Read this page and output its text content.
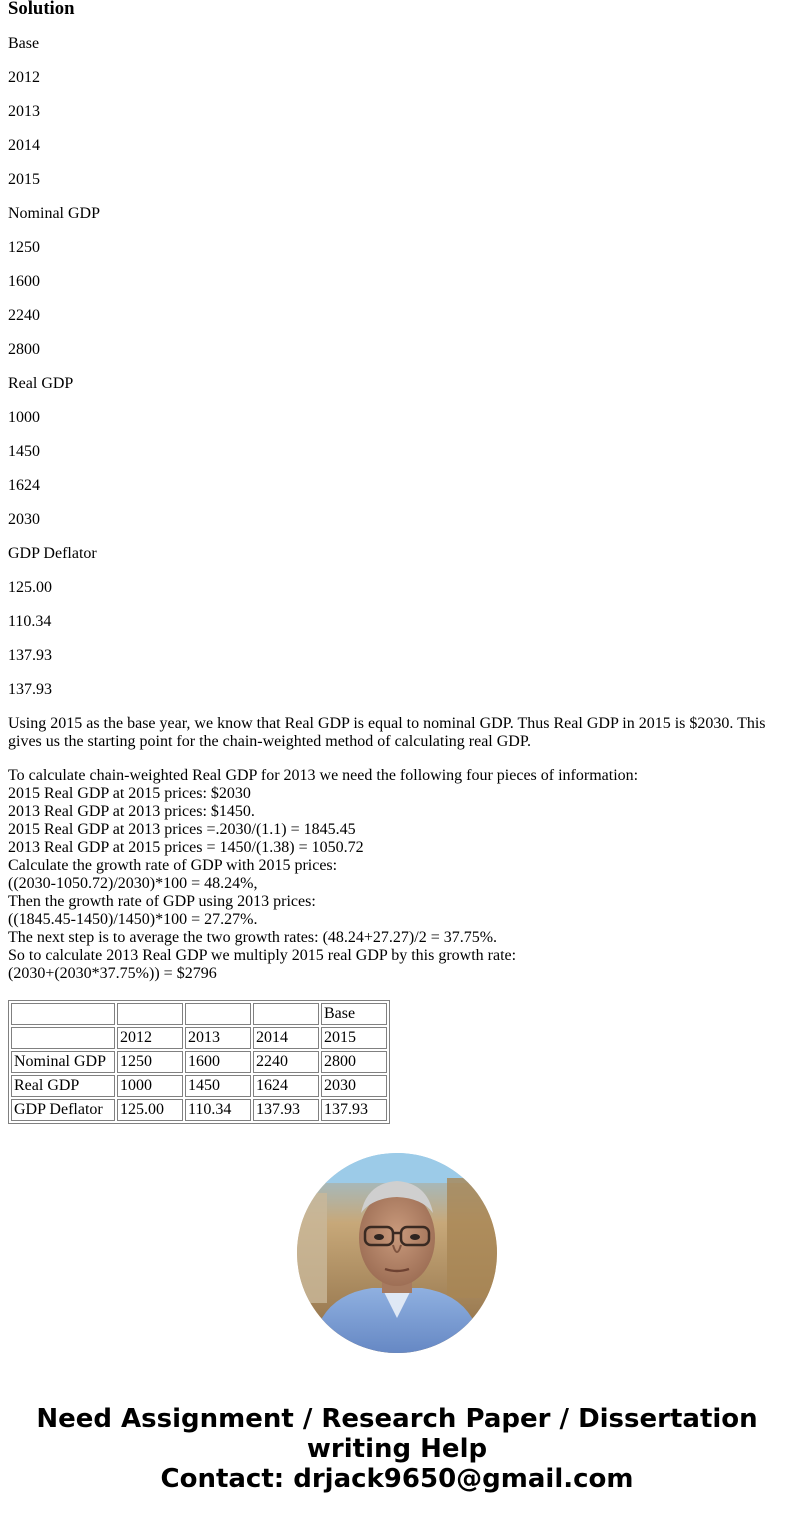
Solution

Base

2012

2013

2014

2015

Nominal GDP

1250

1600

2240

2800

Real GDP

1000

1450

1624

2030

GDP Deflator

125.00

110.34

137.93

137.93

Using 2015 as the base year, we know that Real GDP is equal to nominal GDP. Thus Real GDP in 2015 is $2030. This gives us the starting point for the chain-weighted method of calculating real GDP.

To calculate chain-weighted Real GDP for 2013 we need the following four pieces of information:
2015 Real GDP at 2015 prices: $2030
2013 Real GDP at 2013 prices: $1450.
2015 Real GDP at 2013 prices =.2030/(1.1) = 1845.45
2013 Real GDP at 2015 prices = 1450/(1.38) = 1050.72
Calculate the growth rate of GDP with 2015 prices:
((2030-1050.72)/2030)*100 = 48.24%,
Then the growth rate of GDP using 2013 prices:
((1845.45-1450)/1450)*100 = 27.27%.
The next step is to average the two growth rates: (48.24+27.27)/2 = 37.75%.
So to calculate 2013 Real GDP we multiply 2015 real GDP by this growth rate:
(2030+(2030*37.75%)) = $2796
				Base
	2012	2013	2014	2015
Nominal GDP	1250	1600	2240	2800
Real GDP	1000	1450	1624	2030
GDP Deflator	125.00	110.34	137.93	137.93
Need Assignment / Research Paper / Dissertation
writing Help
Contact: drjack9650@gmail.com
